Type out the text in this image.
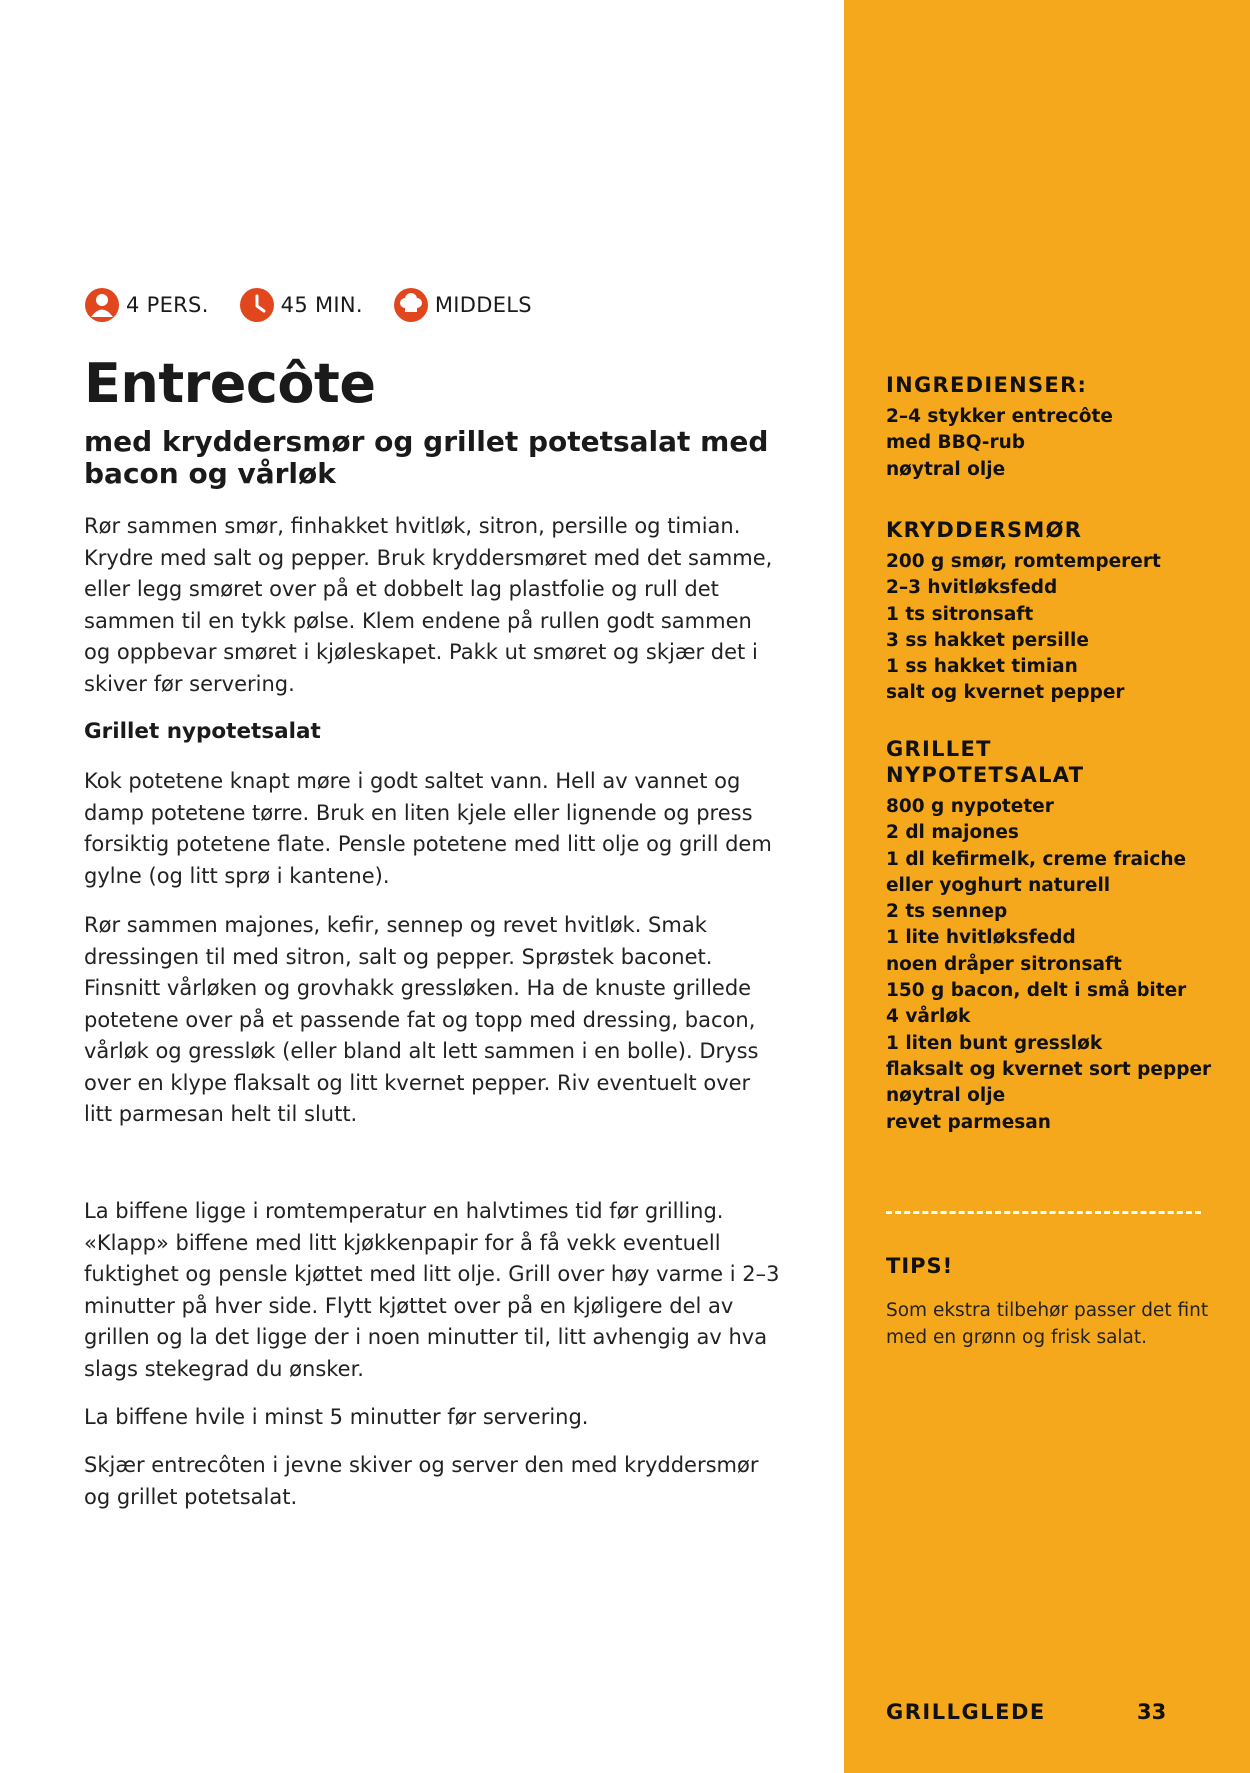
4 PERS.	45 MIN.	MIDDELS
Entrecôte
med kryddersmør og grillet potetsalat med bacon og vårløk

Rør sammen smør, finhakket hvitløk, sitron, persille og timian. Krydre med salt og pepper. Bruk kryddersmøret med det samme, eller legg smøret over på et dobbelt lag plastfolie og rull det sammen til en tykk pølse. Klem endene på rullen godt sammen og oppbevar smøret i kjøleskapet. Pakk ut smøret og skjær det i skiver før servering.

Grillet nypotetsalat

Kok potetene knapt møre i godt saltet vann. Hell av vannet og damp potetene tørre. Bruk en liten kjele eller lignende og press forsiktig potetene flate. Pensle potetene med litt olje og grill dem gylne (og litt sprø i kantene).

Rør sammen majones, kefir, sennep og revet hvitløk. Smak dressingen til med sitron, salt og pepper. Sprøstek baconet. Finsnitt vårløken og grovhakk gressløken. Ha de knuste grillede potetene over på et passende fat og topp med dressing, bacon, vårløk og gressløk (eller bland alt lett sammen i en bolle). Dryss over en klype flaksalt og litt kvernet pepper. Riv eventuelt over litt parmesan helt til slutt.

La biffene ligge i romtemperatur en halvtimes tid før grilling. «Klapp» biffene med litt kjøkkenpapir for å få vekk eventuell fuktighet og pensle kjøttet med litt olje. Grill over høy varme i 2–3 minutter på hver side. Flytt kjøttet over på en kjøligere del av grillen og la det ligge der i noen minutter til, litt avhengig av hva slags stekegrad du ønsker.

La biffene hvile i minst 5 minutter før servering.

Skjær entrecôten i jevne skiver og server den med kryddersmør og grillet potetsalat.

INGREDIENSER:
2–4 stykker entrecôte
med BBQ-rub
nøytral olje
KRYDDERSMØR
200 g smør, romtemperert
2–3 hvitløksfedd
1 ts sitronsaft
3 ss hakket persille
1 ss hakket timian
salt og kvernet pepper
GRILLET
NYPOTETSALAT
800 g nypoteter
2 dl majones
1 dl kefirmelk, creme fraiche
eller yoghurt naturell
2 ts sennep
1 lite hvitløksfedd
noen dråper sitronsaft
150 g bacon, delt i små biter
4 vårløk
1 liten bunt gressløk
flaksalt og kvernet sort pepper
nøytral olje
revet parmesan
TIPS!

Som ekstra tilbehør passer det fint med en grønn og frisk salat.

GRILLGLEDE	33
